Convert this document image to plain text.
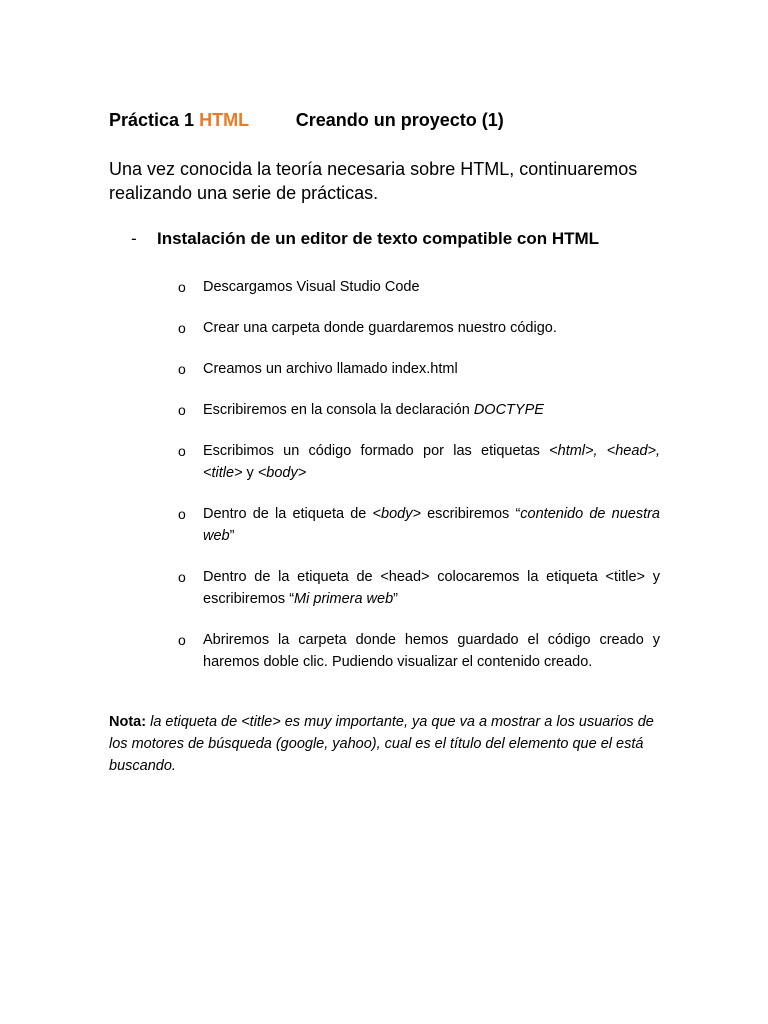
Práctica 1 HTML	Creando un proyecto (1)
Una vez conocida la teoría necesaria sobre HTML, continuaremos realizando una serie de prácticas.
- Instalación de un editor de texto compatible con HTML
o Descargamos Visual Studio Code
o Crear una carpeta donde guardaremos nuestro código.
o Creamos un archivo llamado index.html
o Escribiremos en la consola la declaración DOCTYPE
o Escribimos un código formado por las etiquetas <html>, <head>, <title> y <body>
o Dentro de la etiqueta de <body> escribiremos “contenido de nuestra web”
o Dentro de la etiqueta de <head> colocaremos la etiqueta <title> y escribiremos “Mi primera web”
o Abriremos la carpeta donde hemos guardado el código creado y haremos doble clic. Pudiendo visualizar el contenido creado.
Nota: la etiqueta de <title> es muy importante, ya que va a mostrar a los usuarios de los motores de búsqueda (google, yahoo), cual es el título del elemento que el está buscando.
